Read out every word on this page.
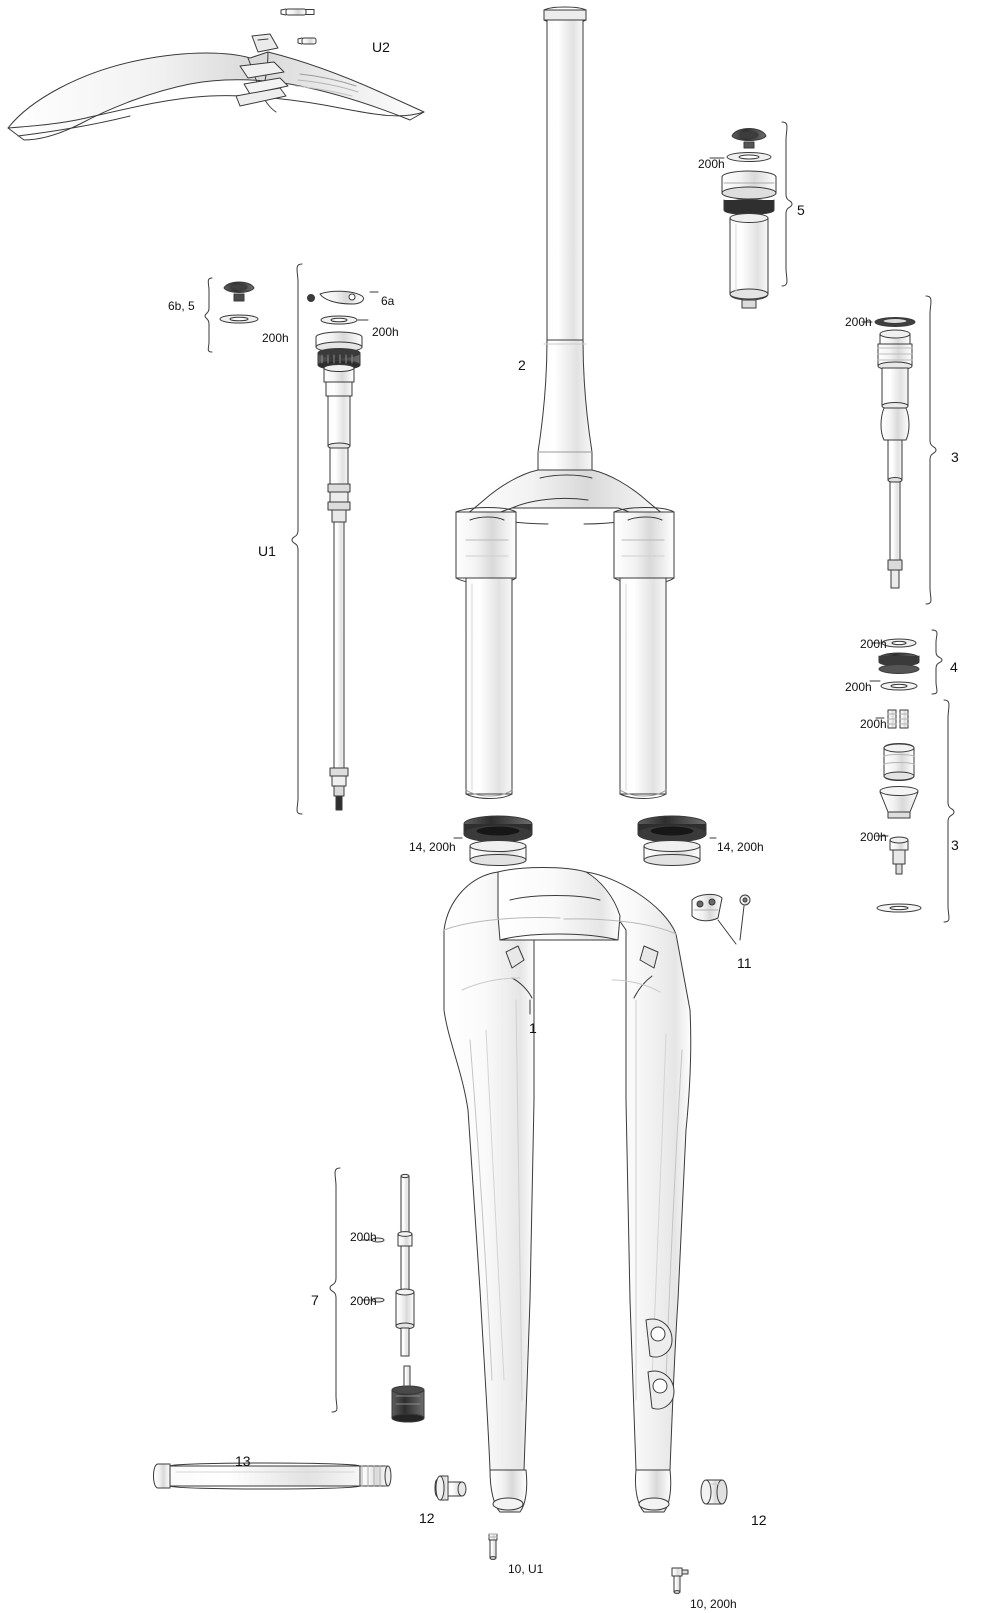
U2
200h
5
200h
3
6b, 5	6a
200h	200h
2
U1
200h
4
200h
200h
200h	3
14, 200h	14, 200h
11
1
200h
7	200h
13
12	12
10, U1
10, 200h
